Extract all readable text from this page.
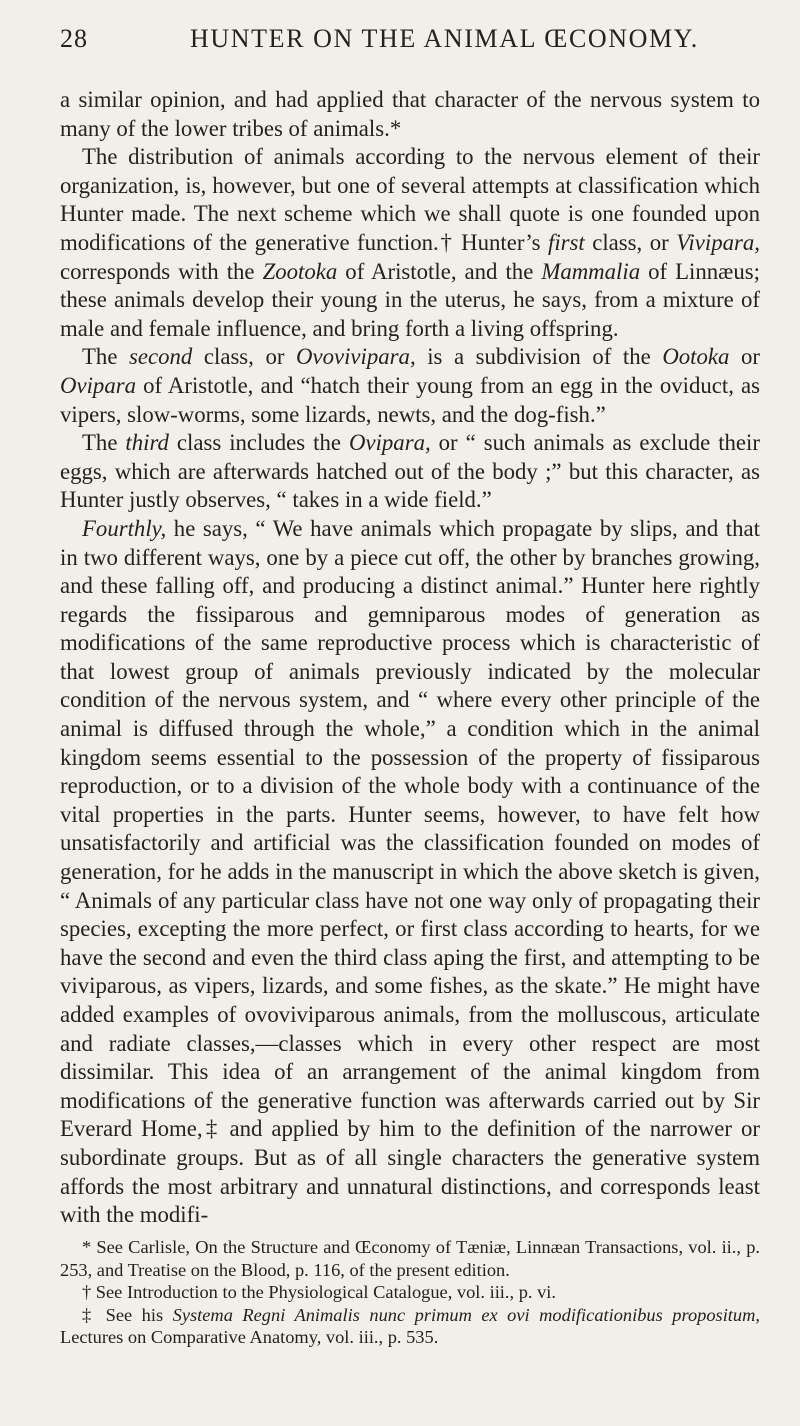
28	HUNTER ON THE ANIMAL ŒCONOMY.

a similar opinion, and had applied that character of the nervous system to many of the lower tribes of animals.*

The distribution of animals according to the nervous element of their organization, is, however, but one of several attempts at classification which Hunter made. The next scheme which we shall quote is one founded upon modifications of the generative function.† Hunter’s first class, or Vivipara, corresponds with the Zootoka of Aristotle, and the Mammalia of Linnæus; these animals develop their young in the uterus, he says, from a mixture of male and female influence, and bring forth a living offspring.

The second class, or Ovovivipara, is a subdivision of the Ootoka or Ovipara of Aristotle, and “hatch their young from an egg in the oviduct, as vipers, slow-worms, some lizards, newts, and the dog-fish.”

The third class includes the Ovipara, or “ such animals as exclude their eggs, which are afterwards hatched out of the body ;” but this character, as Hunter justly observes, “ takes in a wide field.”

Fourthly, he says, “ We have animals which propagate by slips, and that in two different ways, one by a piece cut off, the other by branches growing, and these falling off, and producing a distinct animal.” Hunter here rightly regards the fissiparous and gemniparous modes of generation as modifications of the same reproductive process which is characteristic of that lowest group of animals previously indicated by the molecular condition of the nervous system, and “ where every other principle of the animal is diffused through the whole,” a condition which in the animal kingdom seems essential to the possession of the property of fissiparous reproduction, or to a division of the whole body with a continuance of the vital properties in the parts. Hunter seems, however, to have felt how unsatisfactorily and artificial was the classification founded on modes of generation, for he adds in the manuscript in which the above sketch is given, “ Animals of any particular class have not one way only of propagating their species, excepting the more perfect, or first class according to hearts, for we have the second and even the third class aping the first, and attempting to be viviparous, as vipers, lizards, and some fishes, as the skate.” He might have added examples of ovoviviparous animals, from the molluscous, articulate and radiate classes,—classes which in every other respect are most dissimilar. This idea of an arrangement of the animal kingdom from modifications of the generative function was afterwards carried out by Sir Everard Home,‡ and applied by him to the definition of the narrower or subordinate groups. But as of all single characters the generative system affords the most arbitrary and unnatural distinctions, and corresponds least with the modifi-

* See Carlisle, On the Structure and Œconomy of Tæniæ, Linnæan Transactions, vol. ii., p. 253, and Treatise on the Blood, p. 116, of the present edition.

† See Introduction to the Physiological Catalogue, vol. iii., p. vi.

‡ See his Systema Regni Animalis nunc primum ex ovi modificationibus propositum, Lectures on Comparative Anatomy, vol. iii., p. 535.
